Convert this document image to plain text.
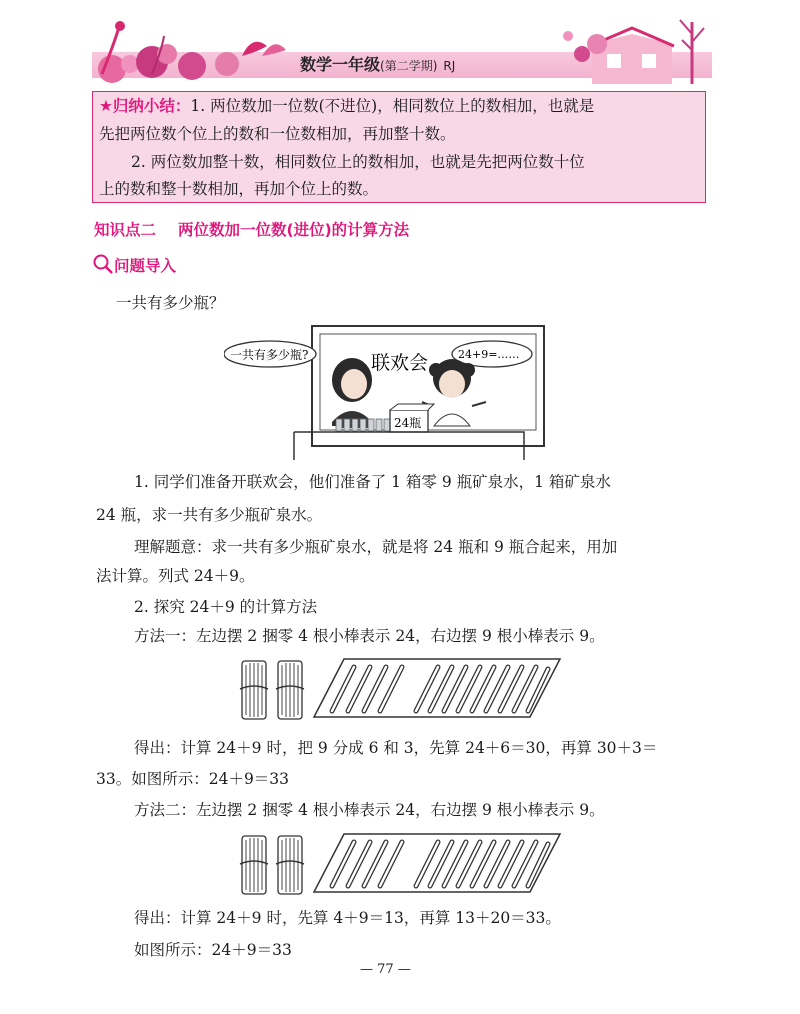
数学一年级(第二学期) RJ
★归纳小结：1. 两位数加一位数(不进位)，相同数位上的数相加，也就是
先把两位数个位上的数和一位数相加，再加整十数。
2. 两位数加整十数，相同数位上的数相加，也就是先把两位数十位
上的数和整十数相加，再加个位上的数。
知识点二 两位数加一位数(进位)的计算方法
问题导入
一共有多少瓶？
一共有多少瓶?	联欢会	24+9=……
24瓶
1. 同学们准备开联欢会，他们准备了 1 箱零 9 瓶矿泉水，1 箱矿泉水
24 瓶，求一共有多少瓶矿泉水。
理解题意：求一共有多少瓶矿泉水，就是将 24 瓶和 9 瓶合起来，用加
法计算。列式 24＋9。
2. 探究 24＋9 的计算方法
方法一：左边摆 2 捆零 4 根小棒表示 24，右边摆 9 根小棒表示 9。
得出：计算 24＋9 时，把 9 分成 6 和 3，先算 24＋6＝30，再算 30＋3＝
33。如图所示：24＋9＝33
方法二：左边摆 2 捆零 4 根小棒表示 24，右边摆 9 根小棒表示 9。
得出：计算 24＋9 时，先算 4＋9＝13，再算 13＋20＝33。
如图所示：24＋9＝33
— 77 —
